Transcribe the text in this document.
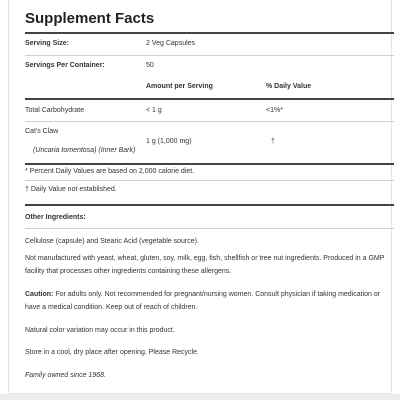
Supplement Facts
Serving Size:	2 Veg Capsules
Servings Per Container:	50
Amount per Serving	% Daily Value
Total Carbohydrate	< 1 g	<1%*
Cat's Claw
(Uncaria tomentosa) (Inner Bark)
1 g (1,000 mg)	†
* Percent Daily Values are based on 2,000 calorie diet.
† Daily Value not established.
Other Ingredients:
Cellulose (capsule) and Stearic Acid (vegetable source).
Not manufactured with yeast, wheat, gluten, soy, milk, egg, fish, shellfish or tree nut ingredients. Produced in a GMP facility that processes other ingredients containing these allergens.
Caution: For adults only. Not recommended for pregnant/nursing women. Consult physician if taking medication or have a medical condition. Keep out of reach of children.
Natural color variation may occur in this product.
Store in a cool, dry place after opening. Please Recycle.
Family owned since 1968.
